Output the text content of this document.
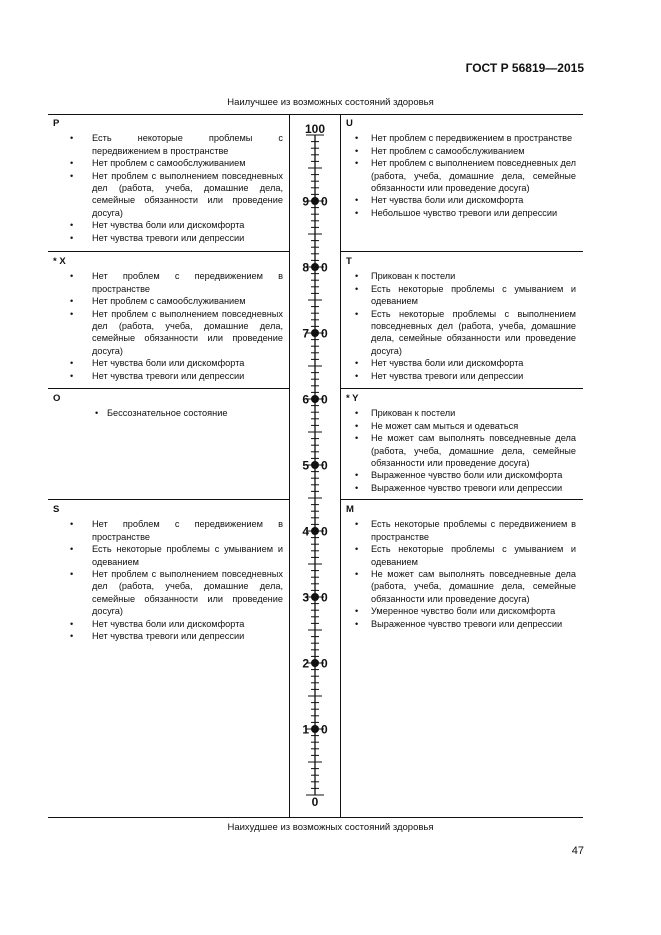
ГОСТ Р 56819—2015
Наилучшее из возможных состояний здоровья
P
• Есть некоторые проблемы с передвижением в пространстве
• Нет проблем с самообслуживанием
• Нет проблем с выполнением повседневных дел (работа, учеба, домашние дела, семейные обязанности или проведение досуга)
• Нет чувства боли или дискомфорта
• Нет чувства тревоги или депрессии
U
• Нет проблем с передвижением в пространстве
• Нет проблем с самообслуживанием
• Нет проблем с выполнением повседневных дел (работа, учеба, домашние дела, семейные обязанности или проведение досуга)
• Нет чувства боли или дискомфорта
• Небольшое чувство тревоги или депрессии
* X
• Нет проблем с передвижением в пространстве
• Нет проблем с самообслуживанием
• Нет проблем с выполнением повседневных дел (работа, учеба, домашние дела, семейные обязанности или проведение досуга)
• Нет чувства боли или дискомфорта
• Нет чувства тревоги или депрессии
T
• Прикован к постели
• Есть некоторые проблемы с умыванием и одеванием
• Есть некоторые проблемы с выполнением повседневных дел (работа, учеба, домашние дела, семейные обязанности или проведение досуга)
• Нет чувства боли или дискомфорта
• Нет чувства тревоги или депрессии
O
• Бессознательное состояние
* Y
• Прикован к постели
• Не может сам мыться и одеваться
• Не может сам выполнять повседневные дела (работа, учеба, домашние дела, семейные обязанности или проведение досуга)
• Выраженное чувство боли или дискомфорта
• Выраженное чувство тревоги или депрессии
S
• Нет проблем с передвижением в пространстве
• Есть некоторые проблемы с умыванием и одеванием
• Нет проблем с выполнением повседневных дел (работа, учеба, домашние дела, семейные обязанности или проведение досуга)
• Нет чувства боли или дискомфорта
• Нет чувства тревоги или депрессии
M
• Есть некоторые проблемы с передвижением в пространстве
• Есть некоторые проблемы с умыванием и одеванием
• Не может сам выполнять повседневные дела (работа, учеба, домашние дела, семейные обязанности или проведение досуга)
• Умеренное чувство боли или дискомфорта
• Выраженное чувство тревоги или депрессии
100
9 0
8 0
7 0
6 0
5 0
4 0
3 0
2 0
1 0
0
Наихудшее из возможных состояний здоровья
47
